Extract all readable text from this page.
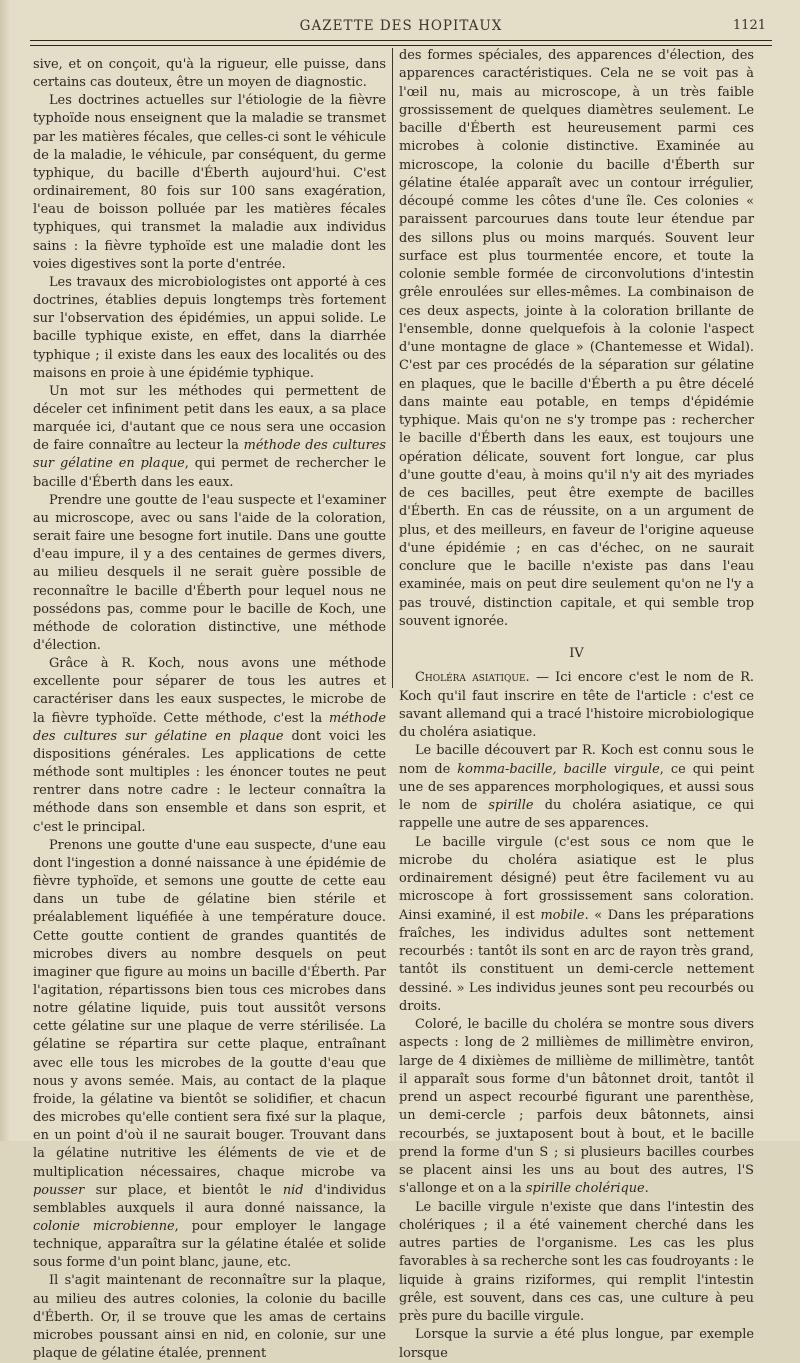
GAZETTE DES HOPITAUX	1121

sive, et on conçoit, qu'à la rigueur, elle puisse, dans certains cas douteux, être un moyen de diagnostic.

Les doctrines actuelles sur l'étiologie de la fièvre typhoïde nous enseignent que la maladie se transmet par les matières fécales, que celles-ci sont le véhicule de la maladie, le véhicule, par conséquent, du germe typhique, du bacille d'Éberth aujourd'hui. C'est ordinairement, 80 fois sur 100 sans exagération, l'eau de boisson polluée par les matières fécales typhiques, qui transmet la maladie aux individus sains : la fièvre typhoïde est une maladie dont les voies digestives sont la porte d'entrée.

Les travaux des microbiologistes ont apporté à ces doctrines, établies depuis longtemps très fortement sur l'observation des épidémies, un appui solide. Le bacille typhique existe, en effet, dans la diarrhée typhique ; il existe dans les eaux des localités ou des maisons en proie à une épidémie typhique.

Un mot sur les méthodes qui permettent de déceler cet infiniment petit dans les eaux, a sa place marquée ici, d'autant que ce nous sera une occasion de faire connaître au lecteur la méthode des cultures sur gélatine en plaque, qui permet de rechercher le bacille d'Éberth dans les eaux.

Prendre une goutte de l'eau suspecte et l'examiner au microscope, avec ou sans l'aide de la coloration, serait faire une besogne fort inutile. Dans une goutte d'eau impure, il y a des centaines de germes divers, au milieu desquels il ne serait guère possible de reconnaître le bacille d'Éberth pour lequel nous ne possédons pas, comme pour le bacille de Koch, une méthode de coloration distinctive, une méthode d'élection.

Grâce à R. Koch, nous avons une méthode excellente pour séparer de tous les autres et caractériser dans les eaux suspectes, le microbe de la fièvre typhoïde. Cette méthode, c'est la méthode des cultures sur gélatine en plaque dont voici les dispositions générales. Les applications de cette méthode sont multiples : les énoncer toutes ne peut rentrer dans notre cadre : le lecteur connaîtra la méthode dans son ensemble et dans son esprit, et c'est le principal.

Prenons une goutte d'une eau suspecte, d'une eau dont l'ingestion a donné naissance à une épidémie de fièvre typhoïde, et semons une goutte de cette eau dans un tube de gélatine bien stérile et préalablement liquéfiée à une température douce. Cette goutte contient de grandes quantités de microbes divers au nombre desquels on peut imaginer que figure au moins un bacille d'Éberth. Par l'agitation, répartissons bien tous ces microbes dans notre gélatine liquide, puis tout aussitôt versons cette gélatine sur une plaque de verre stérilisée. La gélatine se répartira sur cette plaque, entraînant avec elle tous les microbes de la goutte d'eau que nous y avons semée. Mais, au contact de la plaque froide, la gélatine va bientôt se solidifier, et chacun des microbes qu'elle contient sera fixé sur la plaque, en un point d'où il ne saurait bouger. Trouvant dans la gélatine nutritive les éléments de vie et de multiplication nécessaires, chaque microbe va pousser sur place, et bientôt le nid d'individus semblables auxquels il aura donné naissance, la colonie microbienne, pour employer le langage technique, apparaîtra sur la gélatine étalée et solide sous forme d'un point blanc, jaune, etc.

Il s'agit maintenant de reconnaître sur la plaque, au milieu des autres colonies, la colonie du bacille d'Éberth. Or, il se trouve que les amas de certains microbes poussant ainsi en nid, en colonie, sur une plaque de gélatine étalée, prennent

des formes spéciales, des apparences d'élection, des apparences caractéristiques. Cela ne se voit pas à l'œil nu, mais au microscope, à un très faible grossissement de quelques diamètres seulement. Le bacille d'Éberth est heureusement parmi ces microbes à colonie distinctive. Examinée au microscope, la colonie du bacille d'Éberth sur gélatine étalée apparaît avec un contour irrégulier, découpé comme les côtes d'une île. Ces colonies « paraissent parcourues dans toute leur étendue par des sillons plus ou moins marqués. Souvent leur surface est plus tourmentée encore, et toute la colonie semble formée de circonvolutions d'intestin grêle enroulées sur elles-mêmes. La combinaison de ces deux aspects, jointe à la coloration brillante de l'ensemble, donne quelquefois à la colonie l'aspect d'une montagne de glace » (Chantemesse et Widal). C'est par ces procédés de la séparation sur gélatine en plaques, que le bacille d'Éberth a pu être décelé dans mainte eau potable, en temps d'épidémie typhique. Mais qu'on ne s'y trompe pas : rechercher le bacille d'Éberth dans les eaux, est toujours une opération délicate, souvent fort longue, car plus d'une goutte d'eau, à moins qu'il n'y ait des myriades de ces bacilles, peut être exempte de bacilles d'Éberth. En cas de réussite, on a un argument de plus, et des meilleurs, en faveur de l'origine aqueuse d'une épidémie ; en cas d'échec, on ne saurait conclure que le bacille n'existe pas dans l'eau examinée, mais on peut dire seulement qu'on ne l'y a pas trouvé, distinction capitale, et qui semble trop souvent ignorée.

IV

Choléra asiatique. — Ici encore c'est le nom de R. Koch qu'il faut inscrire en tête de l'article : c'est ce savant allemand qui a tracé l'histoire microbiologique du choléra asiatique.

Le bacille découvert par R. Koch est connu sous le nom de komma-bacille, bacille virgule, ce qui peint une de ses apparences morphologiques, et aussi sous le nom de spirille du choléra asiatique, ce qui rappelle une autre de ses apparences.

Le bacille virgule (c'est sous ce nom que le microbe du choléra asiatique est le plus ordinairement désigné) peut être facilement vu au microscope à fort grossissement sans coloration. Ainsi examiné, il est mobile. « Dans les préparations fraîches, les individus adultes sont nettement recourbés : tantôt ils sont en arc de rayon très grand, tantôt ils constituent un demi-cercle nettement dessiné. » Les individus jeunes sont peu recourbés ou droits.

Coloré, le bacille du choléra se montre sous divers aspects : long de 2 millièmes de millimètre environ, large de 4 dixièmes de millième de millimètre, tantôt il apparaît sous forme d'un bâtonnet droit, tantôt il prend un aspect recourbé figurant une parenthèse, un demi-cercle ; parfois deux bâtonnets, ainsi recourbés, se juxtaposent bout à bout, et le bacille prend la forme d'un S ; si plusieurs bacilles courbes se placent ainsi les uns au bout des autres, l'S s'allonge et on a la spirille cholérique.

Le bacille virgule n'existe que dans l'intestin des cholériques ; il a été vainement cherché dans les autres parties de l'organisme. Les cas les plus favorables à sa recherche sont les cas foudroyants : le liquide à grains riziformes, qui remplit l'intestin grêle, est souvent, dans ces cas, une culture à peu près pure du bacille virgule.

Lorsque la survie a été plus longue, par exemple lorsque
